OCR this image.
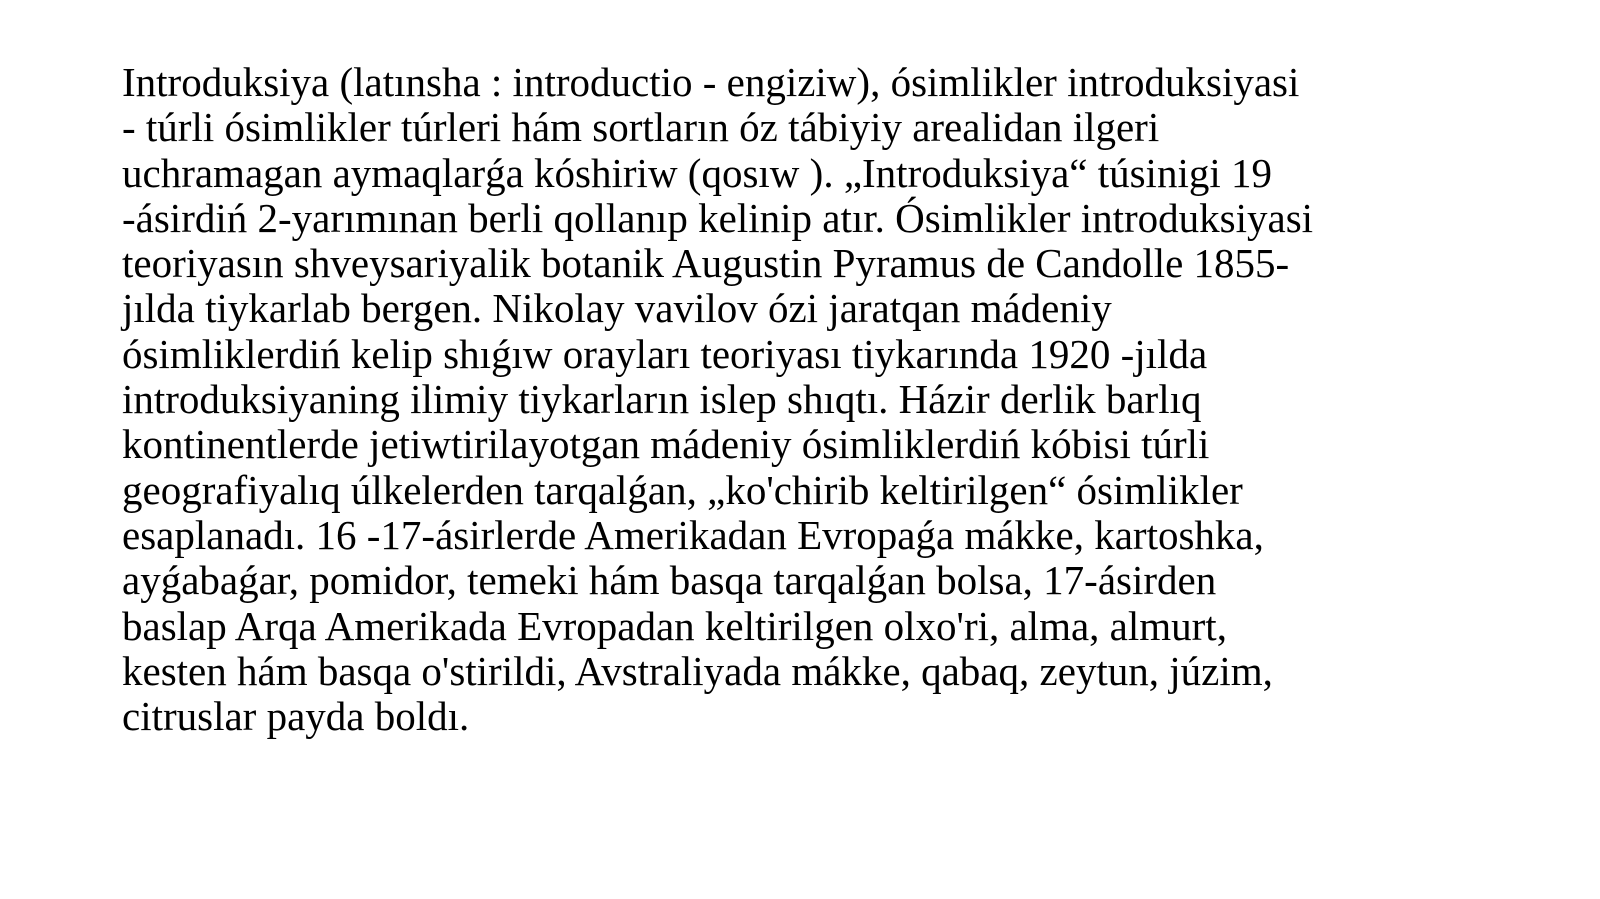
Introduksiya (latınsha : introductio - engiziw), ósimlikler introduksiyasi
- túrli ósimlikler túrleri hám sortların óz tábiyiy arealidan ilgeri
uchramagan aymaqlarǵa kóshiriw (qosıw ). „Introduksiya“ túsinigi 19
-ásirdiń 2-yarımınan berli qollanıp kelinip atır. Ósimlikler introduksiyasi
teoriyasın shveysariyalik botanik Augustin Pyramus de Candolle 1855-
jılda tiykarlab bergen. Nikolay vavilov ózi jaratqan mádeniy
ósimliklerdiń kelip shıǵıw orayları teoriyası tiykarında 1920 -jılda
introduksiyaning ilimiy tiykarların islep shıqtı. Házir derlik barlıq
kontinentlerde jetiwtirilayotgan mádeniy ósimliklerdiń kóbisi túrli
geografiyalıq úlkelerden tarqalǵan, „ko'chirib keltirilgen“ ósimlikler
esaplanadı. 16 -17-ásirlerde Amerikadan Evropaǵa mákke, kartoshka,
ayǵabaǵar, pomidor, temeki hám basqa tarqalǵan bolsa, 17-ásirden
baslap Arqa Amerikada Evropadan keltirilgen olxo'ri, alma, almurt,
kesten hám basqa o'stirildi, Avstraliyada mákke, qabaq, zeytun, júzim,
citruslar payda boldı.
